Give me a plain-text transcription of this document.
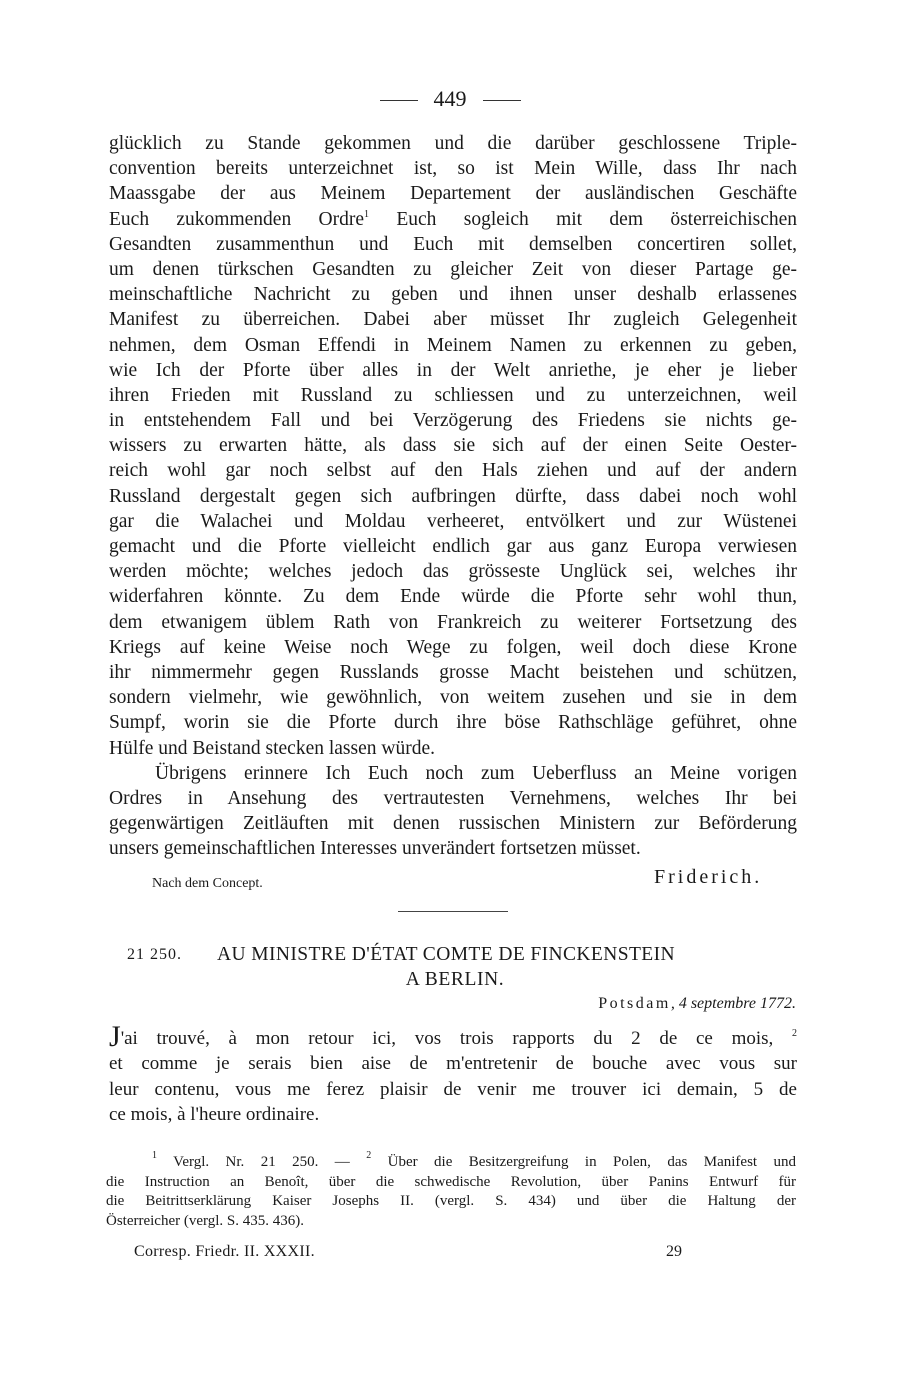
449
glücklich zu Stande gekommen und die darüber geschlossene Triple-
convention bereits unterzeichnet ist, so ist Mein Wille, dass Ihr nach
Maassgabe der aus Meinem Departement der ausländischen Geschäfte
Euch zukommenden Ordre$^1$ Euch sogleich mit dem österreichischen
Gesandten zusammenthun und Euch mit demselben concertiren sollet,
um denen türkschen Gesandten zu gleicher Zeit von dieser Partage ge-
meinschaftliche Nachricht zu geben und ihnen unser deshalb erlassenes
Manifest zu überreichen. Dabei aber müsset Ihr zugleich Gelegenheit
nehmen, dem Osman Effendi in Meinem Namen zu erkennen zu geben,
wie Ich der Pforte über alles in der Welt anriethe, je eher je lieber
ihren Frieden mit Russland zu schliessen und zu unterzeichnen, weil
in entstehendem Fall und bei Verzögerung des Friedens sie nichts ge-
wissers zu erwarten hätte, als dass sie sich auf der einen Seite Oester-
reich wohl gar noch selbst auf den Hals ziehen und auf der andern
Russland dergestalt gegen sich aufbringen dürfte, dass dabei noch wohl
gar die Walachei und Moldau verheeret, entvölkert und zur Wüstenei
gemacht und die Pforte vielleicht endlich gar aus ganz Europa verwiesen
werden möchte; welches jedoch das grösseste Unglück sei, welches ihr
widerfahren könnte. Zu dem Ende würde die Pforte sehr wohl thun,
dem etwanigem üblem Rath von Frankreich zu weiterer Fortsetzung des
Kriegs auf keine Weise noch Wege zu folgen, weil doch diese Krone
ihr nimmermehr gegen Russlands grosse Macht beistehen und schützen,
sondern vielmehr, wie gewöhnlich, von weitem zusehen und sie in dem
Sumpf, worin sie die Pforte durch ihre böse Rathschläge geführet, ohne
Hülfe und Beistand stecken lassen würde.
Übrigens erinnere Ich Euch noch zum Ueberfluss an Meine vorigen
Ordres in Ansehung des vertrautesten Vernehmens, welches Ihr bei
gegenwärtigen Zeitläuften mit denen russischen Ministern zur Beförderung
unsers gemeinschaftlichen Interesses unverändert fortsetzen müsset.
Nach dem Concept.	Friderich.
21 250. AU MINISTRE D'ÉTAT COMTE DE FINCKENSTEIN
A BERLIN.
Potsdam, 4 septembre 1772.
J'ai trouvé, à mon retour ici, vos trois rapports du 2 de ce mois, $^2$
et comme je serais bien aise de m'entretenir de bouche avec vous sur
leur contenu, vous me ferez plaisir de venir me trouver ici demain, 5 de
ce mois, à l'heure ordinaire.
$^1$ Vergl. Nr. 21 250. — $^2$ Über die Besitzergreifung in Polen, das Manifest und
die Instruction an Benoît, über die schwedische Revolution, über Panins Entwurf für
die Beitrittserklärung Kaiser Josephs II. (vergl. S. 434) und über die Haltung der
Österreicher (vergl. S. 435. 436).
Corresp. Friedr. II. XXXII.	29
